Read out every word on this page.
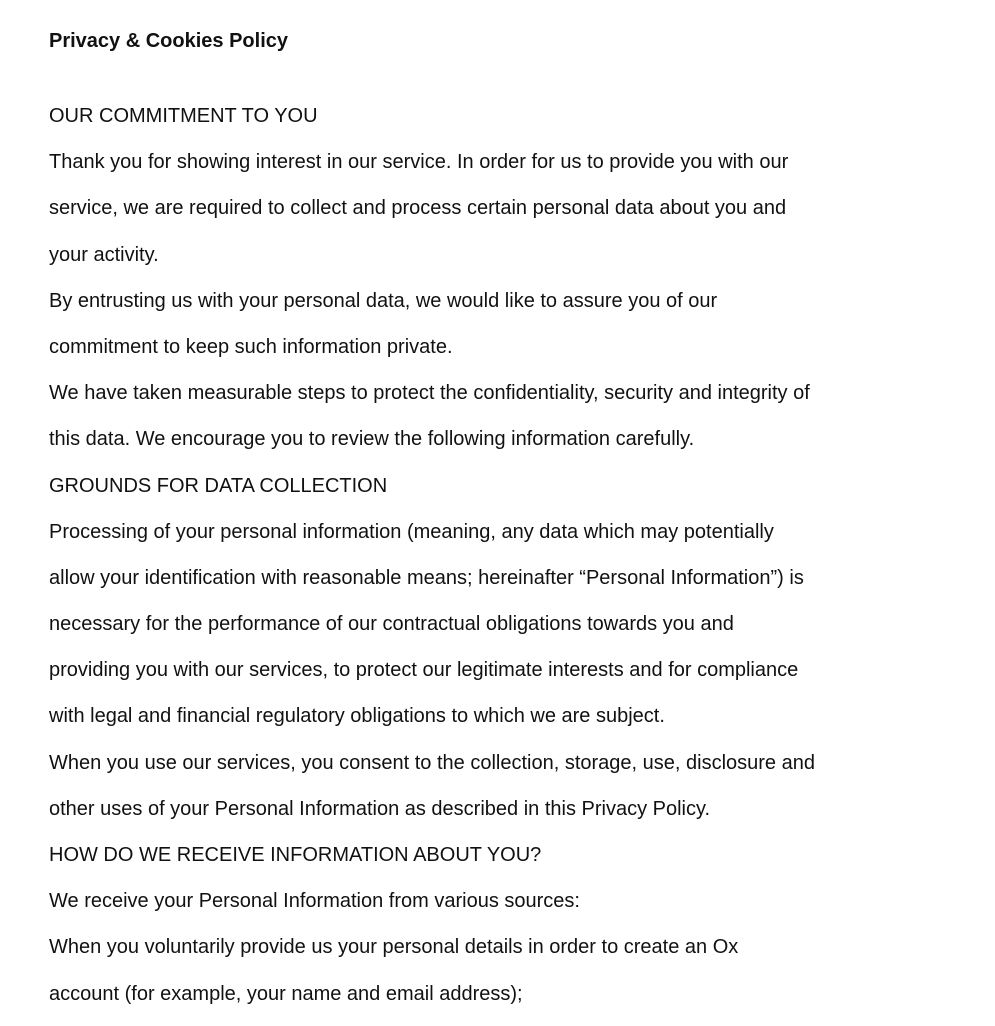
Privacy & Cookies Policy
OUR COMMITMENT TO YOU
Thank you for showing interest in our service. In order for us to provide you with our
service, we are required to collect and process certain personal data about you and
your activity.
By entrusting us with your personal data, we would like to assure you of our
commitment to keep such information private.
We have taken measurable steps to protect the confidentiality, security and integrity of
this data. We encourage you to review the following information carefully.
GROUNDS FOR DATA COLLECTION
Processing of your personal information (meaning, any data which may potentially
allow your identification with reasonable means; hereinafter “Personal Information”) is
necessary for the performance of our contractual obligations towards you and
providing you with our services, to protect our legitimate interests and for compliance
with legal and financial regulatory obligations to which we are subject.
When you use our services, you consent to the collection, storage, use, disclosure and
other uses of your Personal Information as described in this Privacy Policy.
HOW DO WE RECEIVE INFORMATION ABOUT YOU?
We receive your Personal Information from various sources:
When you voluntarily provide us your personal details in order to create an Ox
account (for example, your name and email address);
